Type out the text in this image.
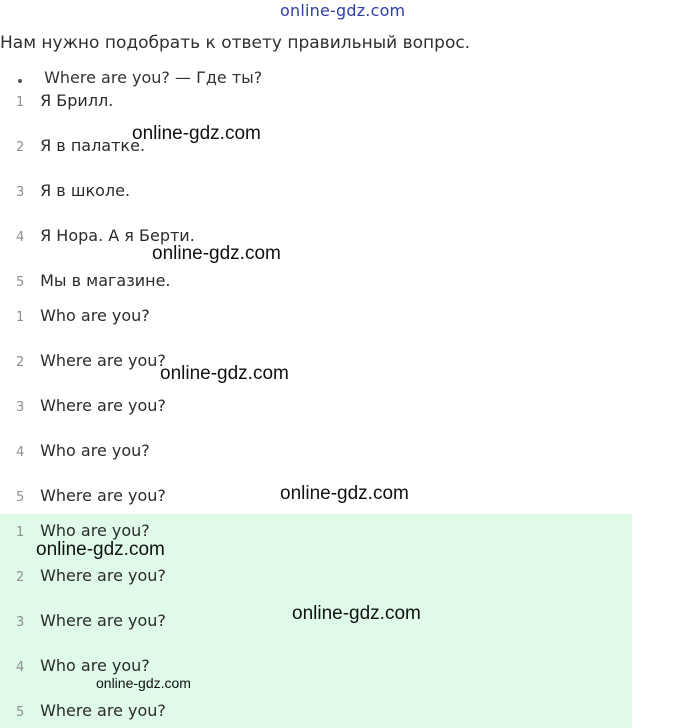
online-gdz.com
Нам нужно подобрать к ответу правильный вопрос.
Where are you? — Где ты?
1 Я Брилл.
2 Я в палатке.
3 Я в школе.
4 Я Нора. А я Берти.
5 Мы в магазине.
1 Who are you?
2 Where are you?
3 Where are you?
4 Who are you?
5 Where are you?
1 Who are you?
2 Where are you?
3 Where are you?
4 Who are you?
5 Where are you?
online-gdz.com
online-gdz.com
online-gdz.com
online-gdz.com
online-gdz.com
online-gdz.com
online-gdz.com
